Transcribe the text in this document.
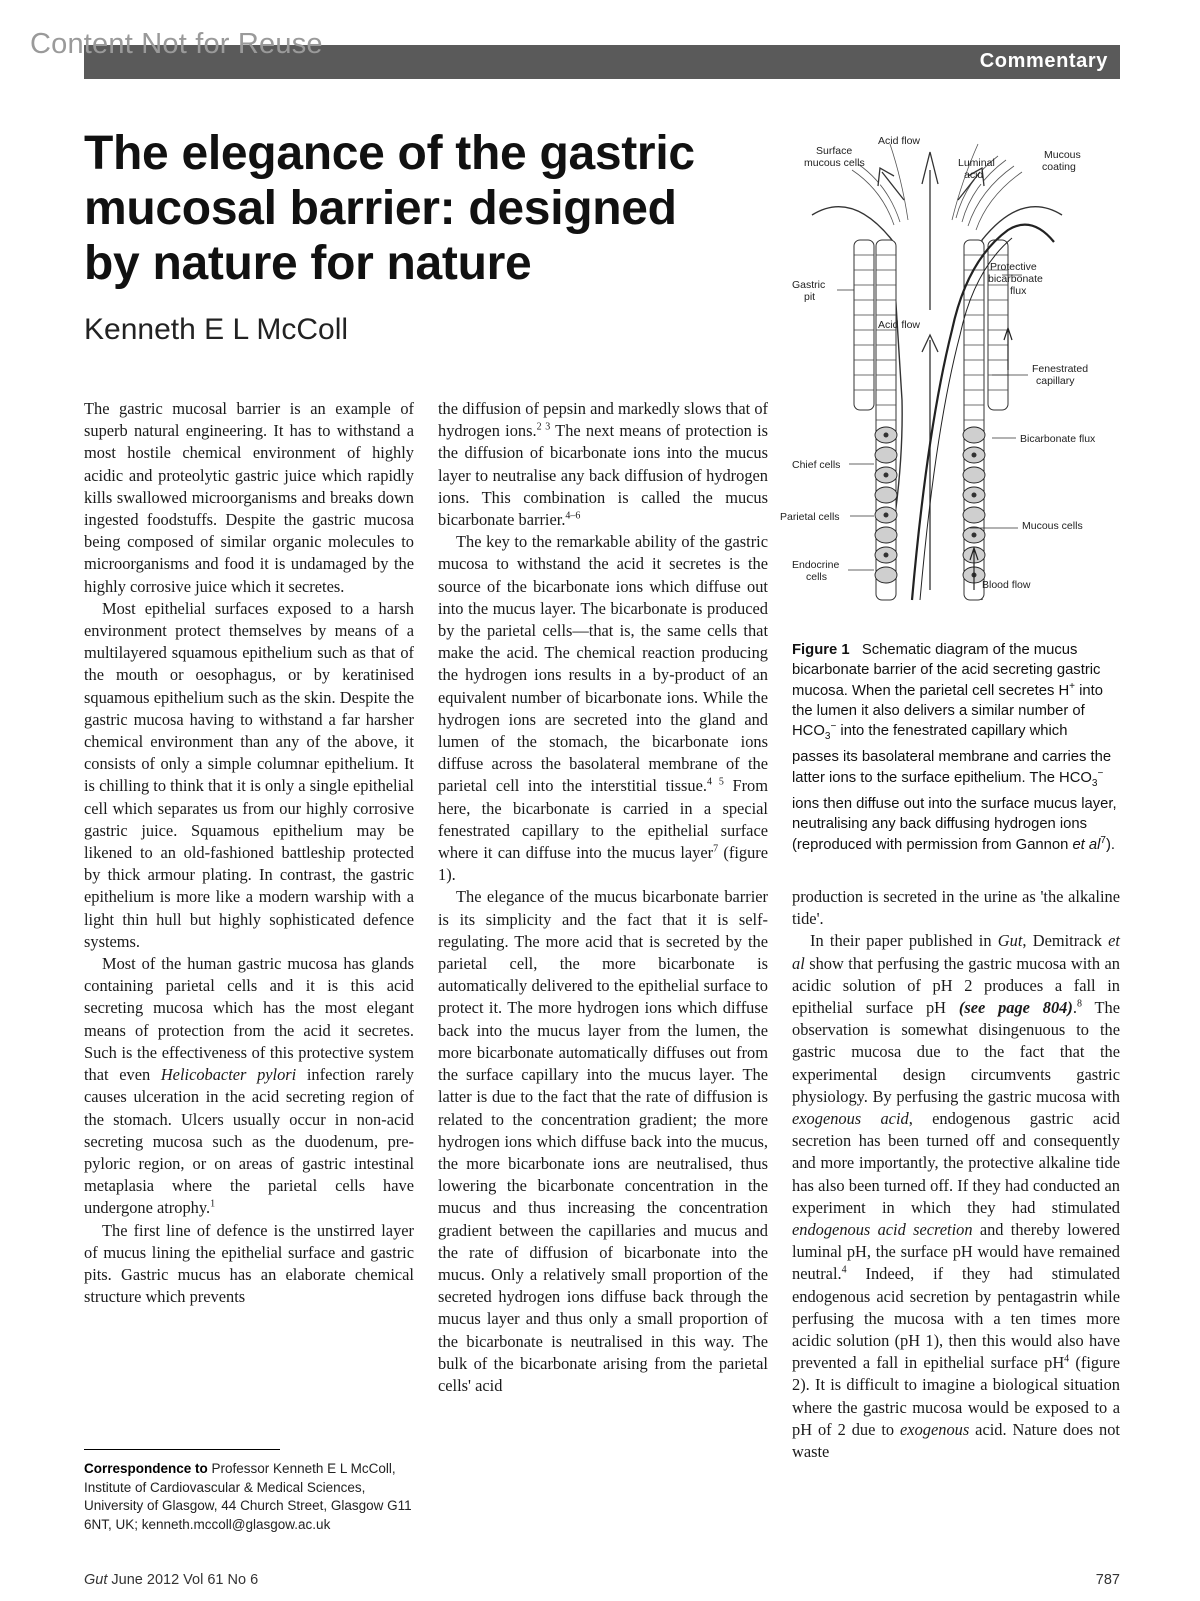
Content Not for Reuse
Commentary
The elegance of the gastric mucosal barrier: designed by nature for nature
Kenneth E L McColl

The gastric mucosal barrier is an example of superb natural engineering. It has to withstand a most hostile chemical environment of highly acidic and proteolytic gastric juice which rapidly kills swallowed microorganisms and breaks down ingested foodstuffs. Despite the gastric mucosa being composed of similar organic molecules to microorganisms and food it is undamaged by the highly corrosive juice which it secretes.

Most epithelial surfaces exposed to a harsh environment protect themselves by means of a multilayered squamous epithelium such as that of the mouth or oesophagus, or by keratinised squamous epithelium such as the skin. Despite the gastric mucosa having to withstand a far harsher chemical environment than any of the above, it consists of only a simple columnar epithelium. It is chilling to think that it is only a single epithelial cell which separates us from our highly corrosive gastric juice. Squamous epithelium may be likened to an old-fashioned battleship protected by thick armour plating. In contrast, the gastric epithelium is more like a modern warship with a light thin hull but highly sophisticated defence systems.

Most of the human gastric mucosa has glands containing parietal cells and it is this acid secreting mucosa which has the most elegant means of protection from the acid it secretes. Such is the effectiveness of this protective system that even Helicobacter pylori infection rarely causes ulceration in the acid secreting region of the stomach. Ulcers usually occur in non-acid secreting mucosa such as the duodenum, pre-pyloric region, or on areas of gastric intestinal metaplasia where the parietal cells have undergone atrophy.$^1$

The first line of defence is the unstirred layer of mucus lining the epithelial surface and gastric pits. Gastric mucus has an elaborate chemical structure which prevents

the diffusion of pepsin and markedly slows that of hydrogen ions.$^{2 3}$ The next means of protection is the diffusion of bicarbonate ions into the mucus layer to neutralise any back diffusion of hydrogen ions. This combination is called the mucus bicarbonate barrier.$^{4-6}$

The key to the remarkable ability of the gastric mucosa to withstand the acid it secretes is the source of the bicarbonate ions which diffuse out into the mucus layer. The bicarbonate is produced by the parietal cells—that is, the same cells that make the acid. The chemical reaction producing the hydrogen ions results in a by-product of an equivalent number of bicarbonate ions. While the hydrogen ions are secreted into the gland and lumen of the stomach, the bicarbonate ions diffuse across the basolateral membrane of the parietal cell into the interstitial tissue.$^{4 5}$ From here, the bicarbonate is carried in a special fenestrated capillary to the epithelial surface where it can diffuse into the mucus layer$^7$ (figure 1).

The elegance of the mucus bicarbonate barrier is its simplicity and the fact that it is self-regulating. The more acid that is secreted by the parietal cell, the more bicarbonate is automatically delivered to the epithelial surface to protect it. The more hydrogen ions which diffuse back into the mucus layer from the lumen, the more bicarbonate automatically diffuses out from the surface capillary into the mucus layer. The latter is due to the fact that the rate of diffusion is related to the concentration gradient; the more hydrogen ions which diffuse back into the mucus, the more bicarbonate ions are neutralised, thus lowering the bicarbonate concentration in the mucus and thus increasing the concentration gradient between the capillaries and mucus and the rate of diffusion of bicarbonate into the mucus. Only a relatively small proportion of the secreted hydrogen ions diffuse back through the mucus layer and thus only a small proportion of the bicarbonate is neutralised in this way. The bulk of the bicarbonate arising from the parietal cells' acid

Acid flow
Surface
mucous cells	Luminal
acid
Mucous
coating
Protective
bicarbonate
flux
Gastric
pit
Acid flow
Fenestrated
capillary
Bicarbonate flux
Chief cells
Parietal cells
Mucous cells
Endocrine
cells
Blood flow
Figure 1 Schematic diagram of the mucus bicarbonate barrier of the acid secreting gastric mucosa. When the parietal cell secretes H+ into the lumen it also delivers a similar number of $HCO_3^-$ into the fenestrated capillary which passes its basolateral membrane and carries the latter ions to the surface epithelium. The $HCO_3^-$ ions then diffuse out into the surface mucus layer, neutralising any back diffusing hydrogen ions (reproduced with permission from Gannon et $al^7$).

production is secreted in the urine as 'the alkaline tide'.

In their paper published in Gut, Demitrack et al show that perfusing the gastric mucosa with an acidic solution of pH 2 produces a fall in epithelial surface pH (see page 804).$^8$ The observation is somewhat disingenuous to the gastric mucosa due to the fact that the experimental design circumvents gastric physiology. By perfusing the gastric mucosa with exogenous acid, endogenous gastric acid secretion has been turned off and consequently and more importantly, the protective alkaline tide has also been turned off. If they had conducted an experiment in which they had stimulated endogenous acid secretion and thereby lowered luminal pH, the surface pH would have remained neutral.$^4$ Indeed, if they had stimulated endogenous acid secretion by pentagastrin while perfusing the mucosa with a ten times more acidic solution (pH 1), then this would also have prevented a fall in epithelial surface $pH^4$ (figure 2). It is difficult to imagine a biological situation where the gastric mucosa would be exposed to a pH of 2 due to exogenous acid. Nature does not waste

Correspondence to Professor Kenneth E L McColl, Institute of Cardiovascular & Medical Sciences, University of Glasgow, 44 Church Street, Glasgow G11 6NT, UK; kenneth.mccoll@glasgow.ac.uk
Gut June 2012 Vol 61 No 6	787
